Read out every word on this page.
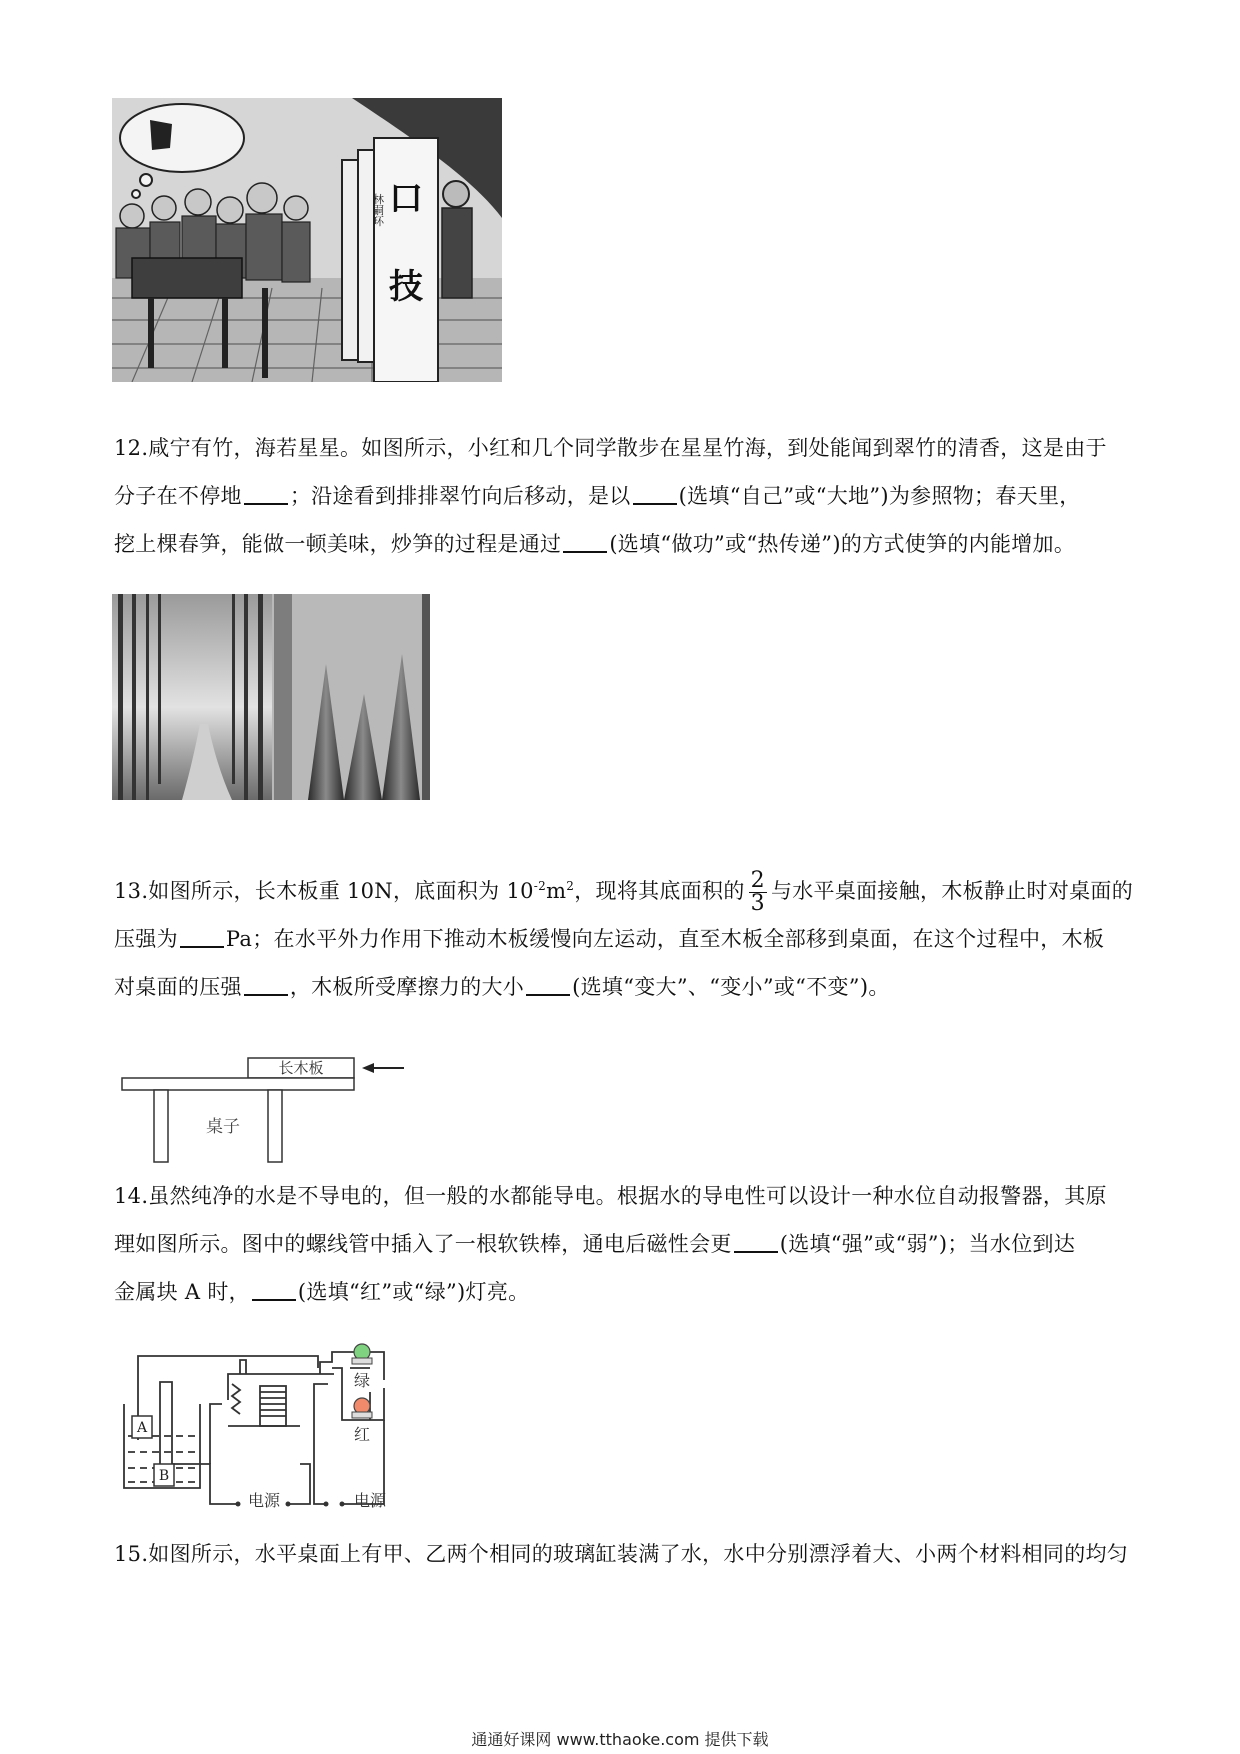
口
技
林嗣环
12.咸宁有竹，海若星星。如图所示，小红和几个同学散步在星星竹海，到处能闻到翠竹的清香，这是由于
分子在不停地 ；沿途看到排排翠竹向后移动，是以 (选填“自己”或“大地”)为参照物；春天里，
挖上棵春笋，能做一顿美味，炒笋的过程是通过 (选填“做功”或“热传递”)的方式使笋的内能增加。
13.如图所示，长木板重 10N，底面积为 $10^{-2}m^2$，现将其底面积的 $\frac{2}{3}$ 与水平桌面接触，木板静止时对桌面的
压强为 Pa；在水平外力作用下推动木板缓慢向左运动，直至木板全部移到桌面，在这个过程中，木板
对桌面的压强 ，木板所受摩擦力的大小 (选填“变大”、“变小”或“不变”)。
长木板
桌子
14.虽然纯净的水是不导电的，但一般的水都能导电。根据水的导电性可以设计一种水位自动报警器，其原
理如图所示。图中的螺线管中插入了一根软铁棒，通电后磁性会更 (选填“强”或“弱”)；当水位到达
金属块 A 时， (选填“红”或“绿”)灯亮。
A
B
绿
红
电源	电源
15.如图所示，水平桌面上有甲、乙两个相同的玻璃缸装满了水，水中分别漂浮着大、小两个材料相同的均匀
通通好课网 www.tthaoke.com 提供下载
